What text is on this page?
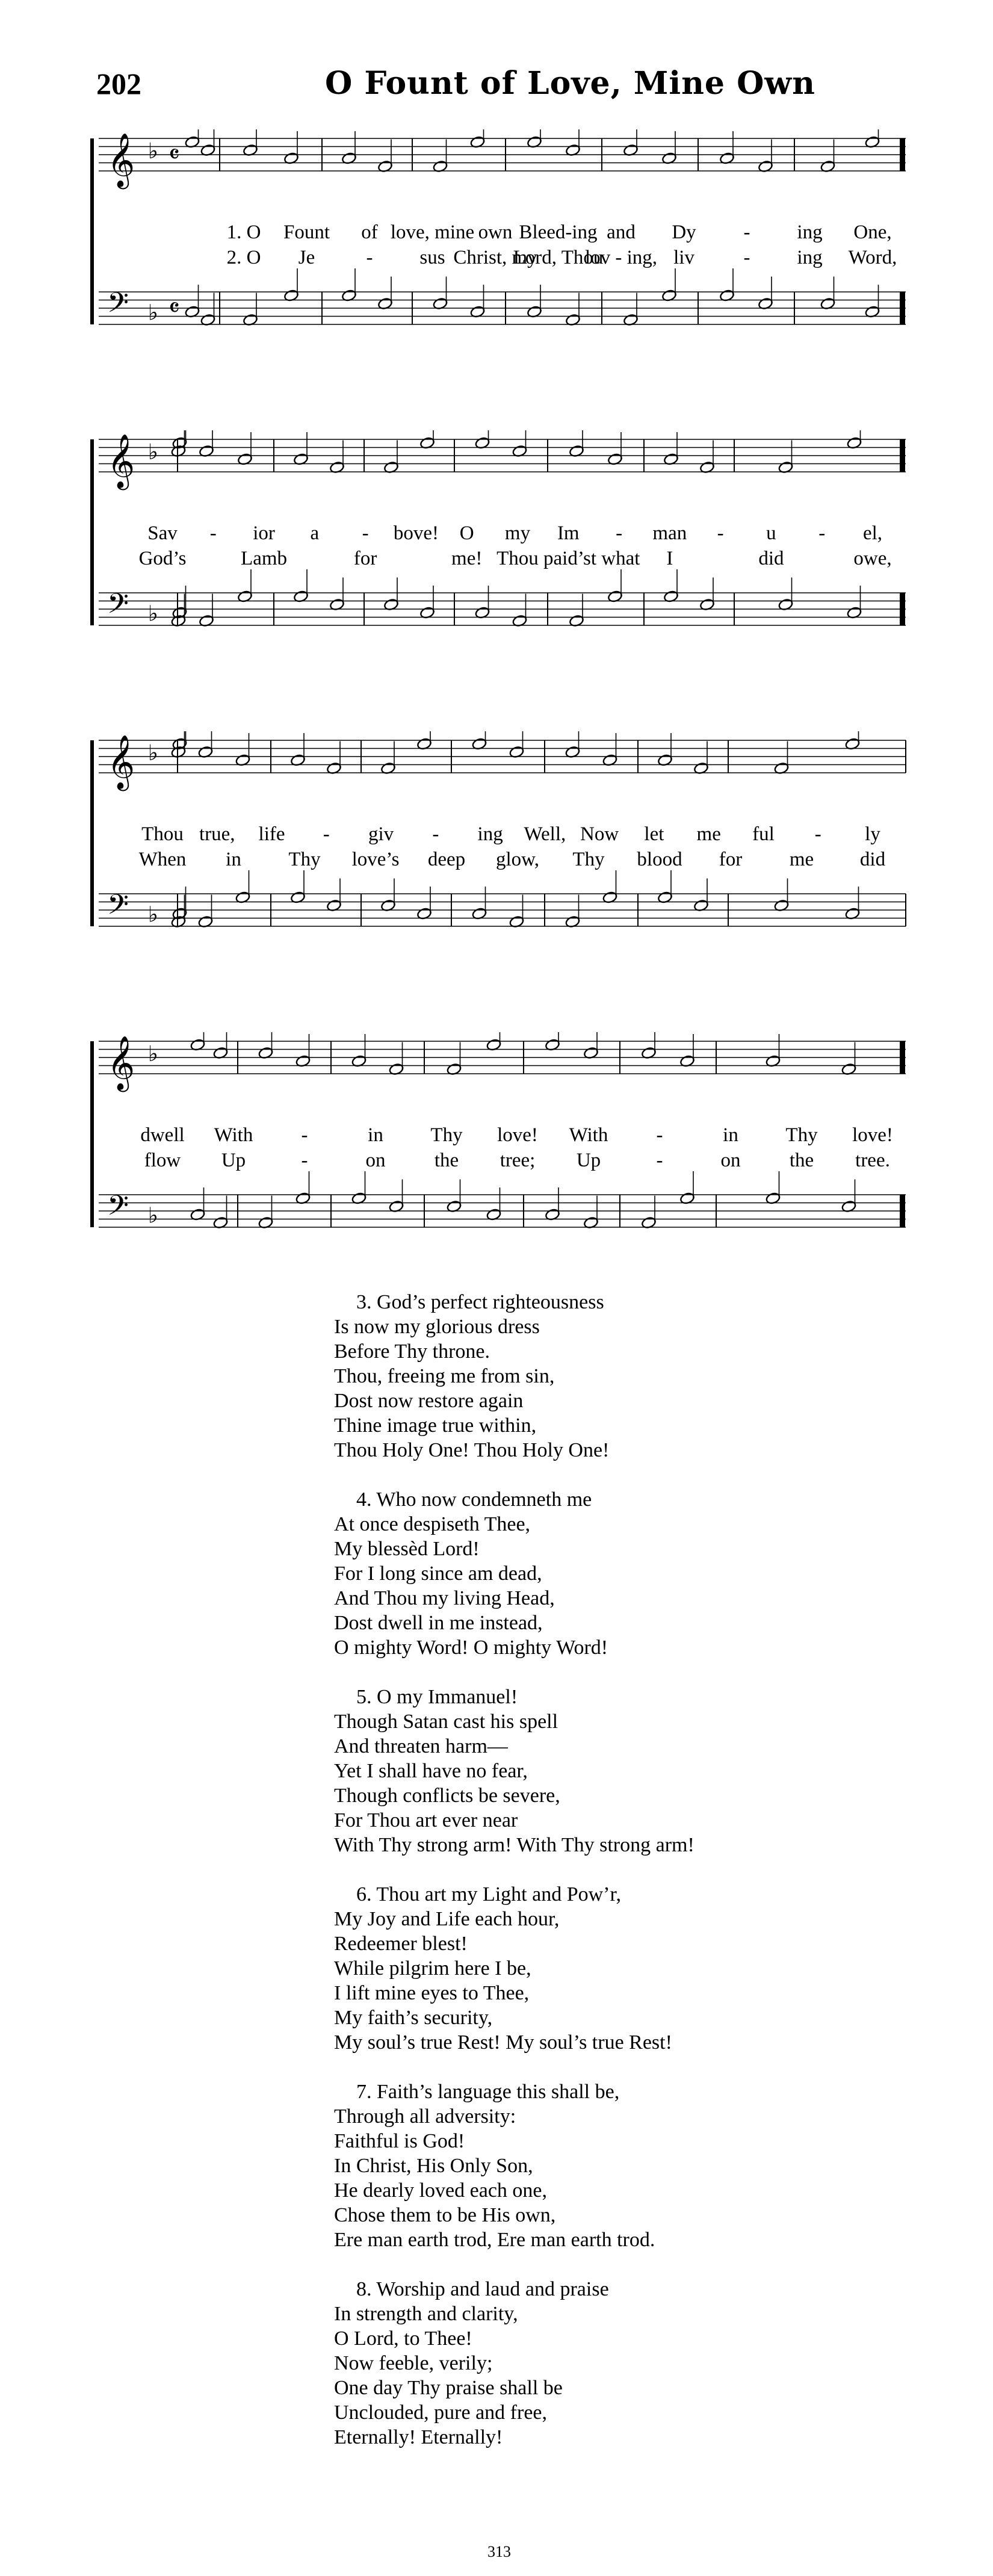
202	O Fount of Love, Mine Own
𝄞
𝄢
♭
♭
𝄴
𝄴
1. O Fount of love, mine own Bleed-ing and Dy - ing One,
2. O Je	- sus Christ, my
Lord, Thou
lov - ing, liv - ing Word,
𝄞
𝄢
♭
♭
Sav - ior a - bove! O my Im - man - u - el,
God’s	Lamb	for	me! Thou paid’st what I	did	owe,
𝄞
𝄢
♭
♭
Thou true, life - giv - ing Well, Now let me ful - ly
When in Thy love’s deep glow, Thy blood for me did
𝄞
𝄢
♭
♭
dwell With -	in Thy love! With -	in Thy love!
flow Up	-	on the tree; Up	-	on the tree.
3. God’s perfect righteousness
Is now my glorious dress
Before Thy throne.
Thou, freeing me from sin,
Dost now restore again
Thine image true within,
Thou Holy One! Thou Holy One!
4. Who now condemneth me
At once despiseth Thee,
My blessèd Lord!
For I long since am dead,
And Thou my living Head,
Dost dwell in me instead,
O mighty Word! O mighty Word!
5. O my Immanuel!
Though Satan cast his spell
And threaten harm—
Yet I shall have no fear,
Though conflicts be severe,
For Thou art ever near
With Thy strong arm! With Thy strong arm!
6. Thou art my Light and Pow’r,
My Joy and Life each hour,
Redeemer blest!
While pilgrim here I be,
I lift mine eyes to Thee,
My faith’s security,
My soul’s true Rest! My soul’s true Rest!
7. Faith’s language this shall be,
Through all adversity:
Faithful is God!
In Christ, His Only Son,
He dearly loved each one,
Chose them to be His own,
Ere man earth trod, Ere man earth trod.
8. Worship and laud and praise
In strength and clarity,
O Lord, to Thee!
Now feeble, verily;
One day Thy praise shall be
Unclouded, pure and free,
Eternally! Eternally!
313
